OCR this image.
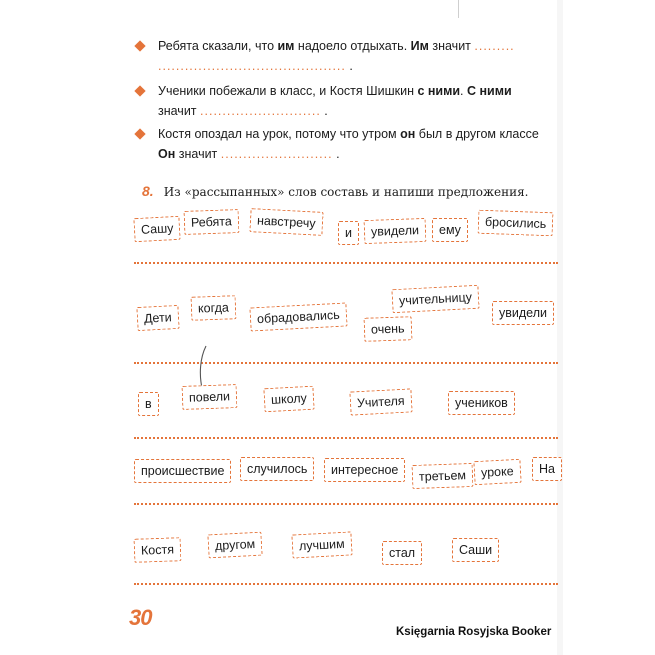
Ребята сказали, что им надоело отдыхать. Им значит .........
.......................................... .
Ученики побежали в класс, и Костя Шишкин с ними. С ними
значит ........................... .
Костя опоздал на урок, потому что утром он был в другом классе
Он значит ......................... .
8. Из «рассыпанных» слов составь и напиши предложения.
Сашу	Ребята	навстречу
и	увидели	ему	бросились
Дети
когда	обрадовались
учительницу
очень
увидели
в	повели	школу	Учителя	учеников
происшествие	случилось	интересное	третьем	уроке	На
Костя	другом	лучшим	стал	Саши
30
Księgarnia Rosyjska Booker
